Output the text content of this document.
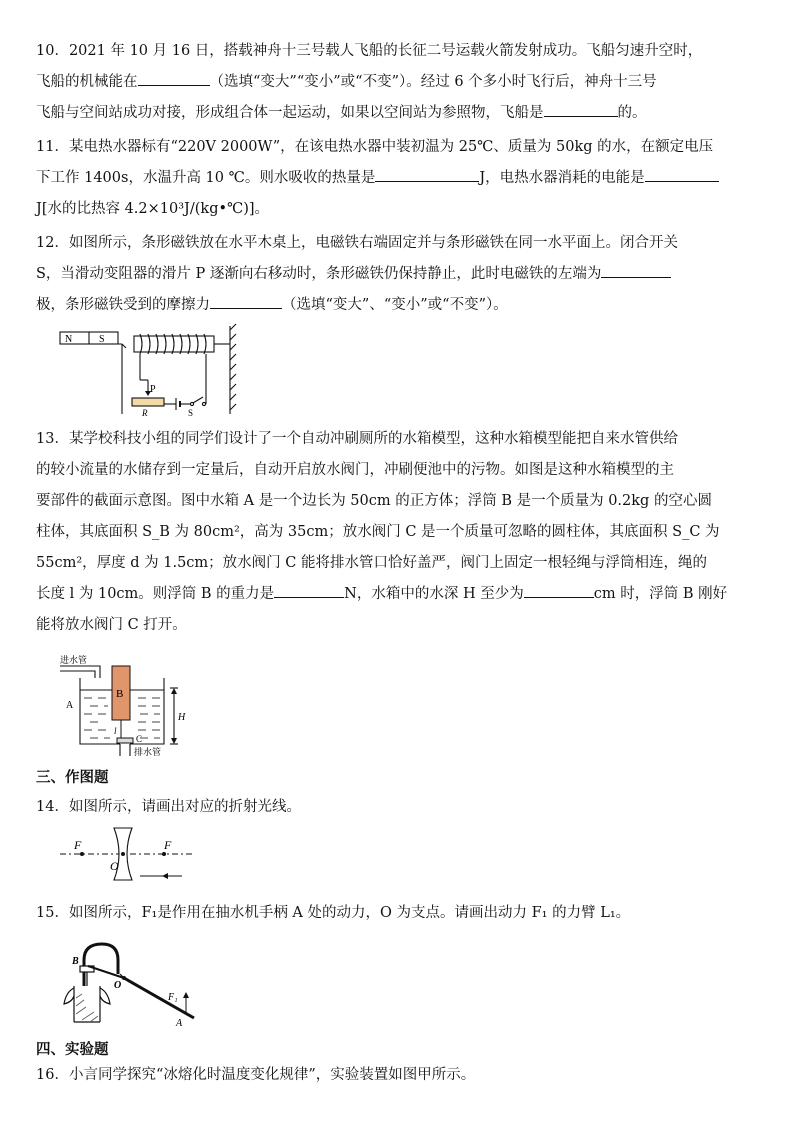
10．2021 年 10 月 16 日，搭载神舟十三号载人飞船的长征二号运载火箭发射成功。飞船匀速升空时，
飞船的机械能在	（选填“变大”“变小”或“不变”）。经过 6 个多小时飞行后，神舟十三号
飞船与空间站成功对接，形成组合体一起运动，如果以空间站为参照物，飞船是	的。
11．某电热水器标有“220V 2000W”，在该电热水器中装初温为 25℃、质量为 50kg 的水，在额定电压
下工作 1400s，水温升高 10 ℃。则水吸收的热量是	J，电热水器消耗的电能是
J[水的比热容 4.2×10³J/(kg•℃)]。
12．如图所示，条形磁铁放在水平木桌上，电磁铁右端固定并与条形磁铁在同一水平面上。闭合开关
S，当滑动变阻器的滑片 P 逐渐向右移动时，条形磁铁仍保持静止，此时电磁铁的左端为
极，条形磁铁受到的摩擦力	（选填“变大”、“变小”或“不变”）。
N	S
P
R	S
13．某学校科技小组的同学们设计了一个自动冲刷厕所的水箱模型，这种水箱模型能把自来水管供给
的较小流量的水储存到一定量后，自动开启放水阀门，冲刷便池中的污物。如图是这种水箱模型的主
要部件的截面示意图。图中水箱 A 是一个边长为 50cm 的正方体；浮筒 B 是一个质量为 0.2kg 的空心圆
柱体，其底面积 S_B 为 80cm²，高为 35cm；放水阀门 C 是一个质量可忽略的圆柱体，其底面积 S_C 为
55cm²，厚度 d 为 1.5cm；放水阀门 C 能将排水管口恰好盖严，阀门上固定一根轻绳与浮筒相连，绳的
长度 l 为 10cm。则浮筒 B 的重力是	N，水箱中的水深 H 至少为	cm 时，浮筒 B 刚好
能将放水阀门 C 打开。
进水管
A
B
l
C
H
排水管
三、作图题
14．如图所示，请画出对应的折射光线。
F	F
O
15．如图所示，F₁是作用在抽水机手柄 A 处的动力，O 为支点。请画出动力 F₁ 的力臂 L₁。
B
O
F₁
A
四、实验题
16．小言同学探究“冰熔化时温度变化规律”，实验装置如图甲所示。
